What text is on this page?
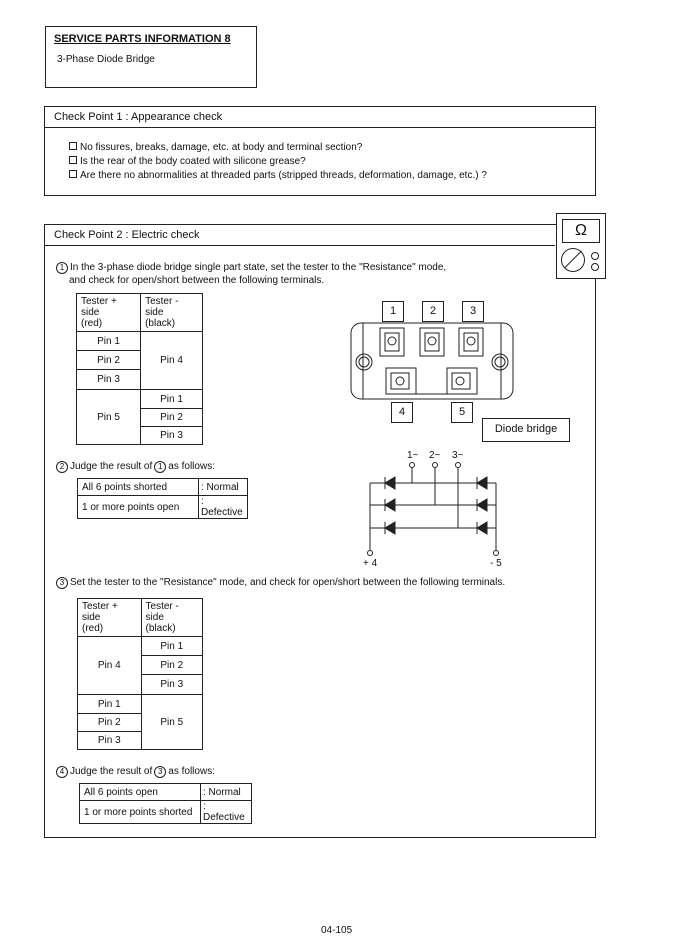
SERVICE PARTS INFORMATION 8
3-Phase Diode Bridge
Check Point 1 : Appearance check
No fissures, breaks, damage, etc. at body and terminal section?
Is the rear of the body coated with silicone grease?
Are there no abnormalities at threaded parts (stripped threads, deformation, damage, etc.) ?
Check Point 2 : Electric check	Ω
1 In the 3-phase diode bridge single part state, set the tester to the "Resistance" mode,
and check for open/short between the following terminals.
Tester + side
(red)	Tester - side
(black)
Pin 1	Pin 4
Pin 2	
Pin 3	
Pin 5	Pin 1
	Pin 2
	Pin 3
2 Judge the result of 1 as follows:
All 6 points shorted	: Normal
1 or more points open	: Defective
3 Set the tester to the "Resistance" mode, and check for open/short between the following terminals.
Tester + side
(red)	Tester - side
(black)
Pin 4	Pin 1
	Pin 2
	Pin 3
Pin 1	Pin 5
Pin 2	
Pin 3	
4 Judge the result of 3 as follows:
All 6 points open	: Normal
1 or more points shorted	: Defective
1	2	3
4	5
Diode bridge
1~ 2~ 3~
+ 4	- 5
04-105
